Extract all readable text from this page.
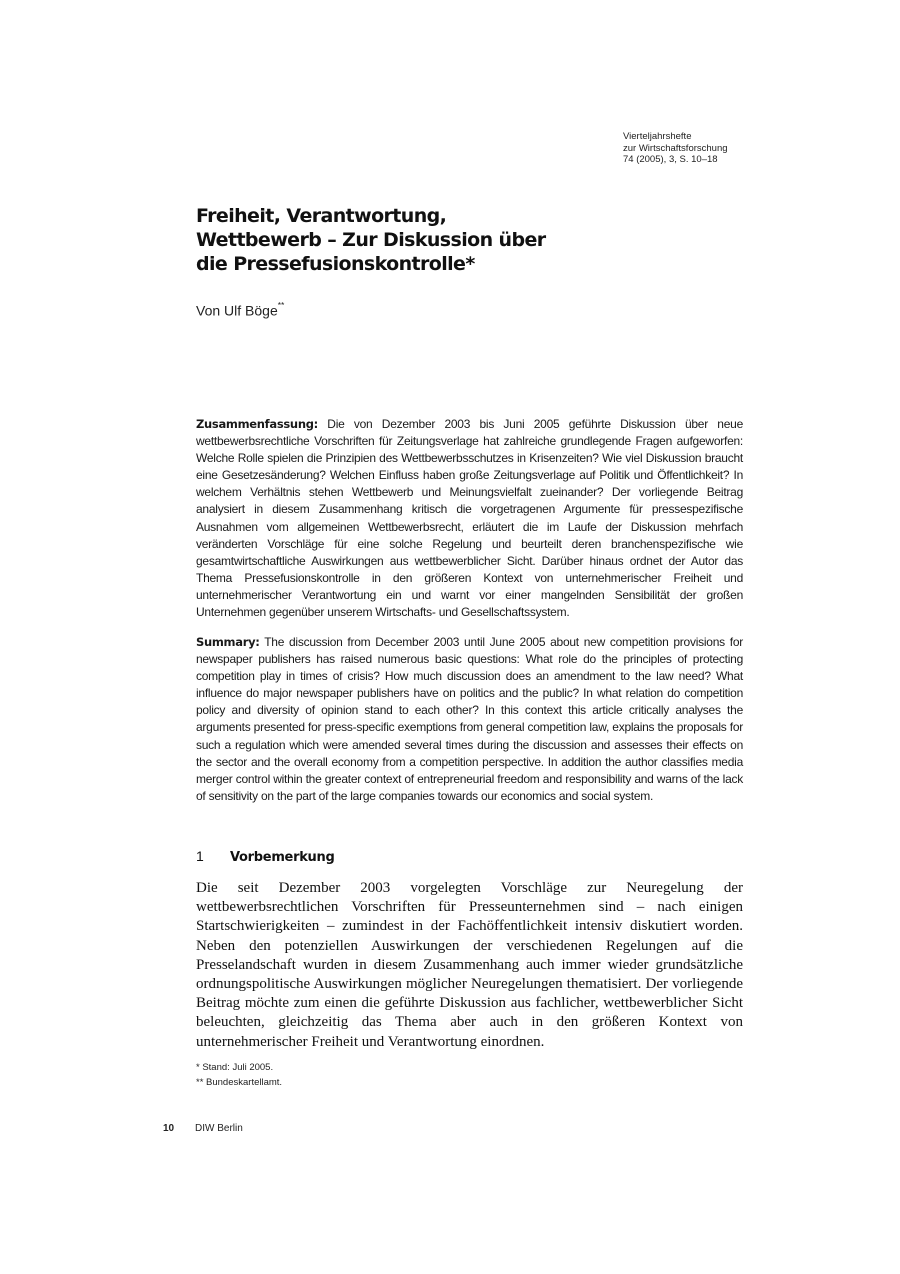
Vierteljahrshefte
zur Wirtschaftsforschung
74 (2005), 3, S. 10–18
Freiheit, Verantwortung,
Wettbewerb – Zur Diskussion über
die Pressefusionskontrolle*
Von Ulf Böge**

Zusammenfassung: Die von Dezember 2003 bis Juni 2005 geführte Diskussion über neue wettbewerbsrechtliche Vorschriften für Zeitungsverlage hat zahlreiche grundlegende Fragen aufgeworfen: Welche Rolle spielen die Prinzipien des Wettbewerbsschutzes in Krisenzeiten? Wie viel Diskussion braucht eine Gesetzesänderung? Welchen Einfluss haben große Zeitungsverlage auf Politik und Öffentlichkeit? In welchem Verhältnis stehen Wettbewerb und Meinungsvielfalt zueinander? Der vorliegende Beitrag analysiert in diesem Zusammenhang kritisch die vorgetragenen Argumente für pressespezifische Ausnahmen vom allgemeinen Wettbewerbsrecht, erläutert die im Laufe der Diskussion mehrfach veränderten Vorschläge für eine solche Regelung und beurteilt deren branchenspezifische wie gesamtwirtschaftliche Auswirkungen aus wettbewerblicher Sicht. Darüber hinaus ordnet der Autor das Thema Pressefusionskontrolle in den größeren Kontext von unternehmerischer Freiheit und unternehmerischer Verantwortung ein und warnt vor einer mangelnden Sensibilität der großen Unternehmen gegenüber unserem Wirtschafts- und Gesellschaftssystem.

Summary: The discussion from December 2003 until June 2005 about new competition provisions for newspaper publishers has raised numerous basic questions: What role do the principles of protecting competition play in times of crisis? How much discussion does an amendment to the law need? What influence do major newspaper publishers have on politics and the public? In what relation do competition policy and diversity of opinion stand to each other? In this context this article critically analyses the arguments presented for press-specific exemptions from general competition law, explains the proposals for such a regulation which were amended several times during the discussion and assesses their effects on the sector and the overall economy from a competition perspective. In addition the author classifies media merger control within the greater context of entrepreneurial freedom and responsibility and warns of the lack of sensitivity on the part of the large companies towards our economics and social system.

1 Vorbemerkung

Die seit Dezember 2003 vorgelegten Vorschläge zur Neuregelung der wettbewerbsrechtlichen Vorschriften für Presseunternehmen sind – nach einigen Startschwierigkeiten – zumindest in der Fachöffentlichkeit intensiv diskutiert worden. Neben den potenziellen Auswirkungen der verschiedenen Regelungen auf die Presselandschaft wurden in diesem Zusammenhang auch immer wieder grundsätzliche ordnungspolitische Auswirkungen möglicher Neuregelungen thematisiert. Der vorliegende Beitrag möchte zum einen die geführte Diskussion aus fachlicher, wettbewerblicher Sicht beleuchten, gleichzeitig das Thema aber auch in den größeren Kontext von unternehmerischer Freiheit und Verantwortung einordnen.

* Stand: Juli 2005.
** Bundeskartellamt.
10 DIW Berlin
